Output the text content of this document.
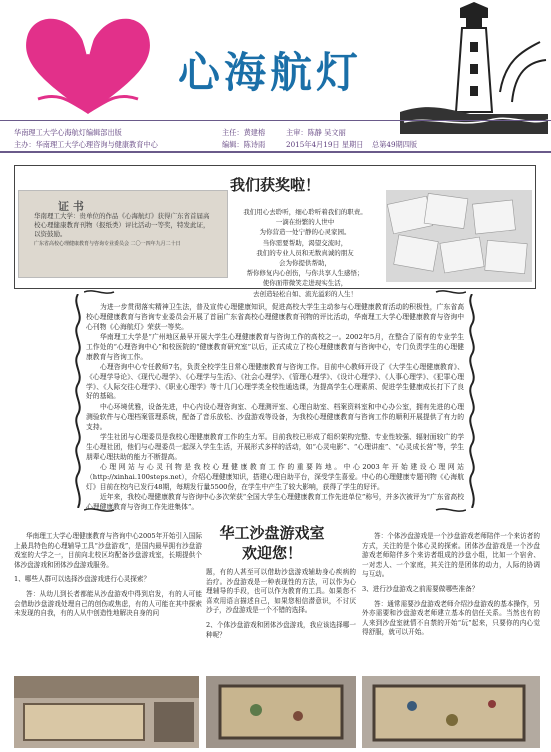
心海航灯
华南理工大学心海航灯编辑部出版
主办：华南理工大学心理咨询与健康教育中心
主任：黄建榕	主审：陈静 吴文丽
编辑：陈诗雨	2015年4月19日 星期日 总第49期四版
我们获奖啦！
证 书
华南理工大学：贵单位的作品《心海航灯》获得广东省首届高校心理健康教育刊物（报纸类）评比活动一等奖，特发此证，以资鼓励。
广东省高校心理健康教育与咨询专业委员会 二〇一四年九月二十日
我们用心去聆听，细心聆听着我们的职责。
一滴在纷繁的人世中
为你营造一处宁静的心灵家园。
当你需要帮助，渴望交流时，
我们的专业人员和无数真诚的朋友
会为你提供帮助，
帮你修复内心创伤，与你共享人生感悟；
使你面带微笑走进现实生活，
去创造轻松自如、流光溢彩的人生！
为进一步贯彻落实精神卫生法，普及宣传心理健康知识，促进高校大学生主动参与心理健康教育活动的积极性，广东省高校心理健康教育与咨询专业委员会开展了首届广东省高校心理健康教育刊物的评比活动，华南理工大学心理健康教育与咨询中心刊物《心海航灯》荣获一等奖。
华南理工大学是“广州地区最早开展大学生心理健康教育与咨询工作的高校之一。2002年5月，在整合了原有的专业学生工作处的“心理咨询中心”和校医院的“健康教育研究室”以后，正式成立了校心理健康教育与咨询中心，专门负责学生的心理健康教育与咨询工作。
心理咨询中心专任教师7名，负责全校学生日常心理健康教育与咨询工作。目前中心教师开设了《大学生心理健康教育》、《心理学导论》、《现代心理学》、《心理学与生活》、《社会心理学》、《管理心理学》、《设计心理学》、《人事心理学》、《犯罪心理学》、《人际交往心理学》、《职业心理学》等十几门心理学类全校性通选课，为提高学生心理素质、促进学生健康成长打下了良好的基础。
中心环境优雅，设备先进，中心内设心理咨询室、心理测评室、心理自助室、档案资料室和中心办公室，拥有先进的心理测验软件与心理档案管理系统，配备了音乐放松、沙盘游戏等设备，为我校心理健康教育与咨询工作的顺利开展提供了有力的支持。
学生社团与心理委员是我校心理健康教育工作的生力军。目前我校已形成了组织架构完整、专业性较强、辐射面较广的学生心理社团，他们与心理委员一起深入学生生活，开展形式多样的活动，如“心灵电影”、“心理讲座”、“心灵成长营”等，学生朋辈心理扶助的能力不断提高。
心理网站与心灵刊物是我校心理健康教育工作的重要阵地。中心2003年开始建设心理网站（http://xinhai.100steps.net），介绍心理健康知识，搭建心理自助平台，深受学生喜爱。中心的心理健康专题刊物《心海航灯》目前在校内已发行48期，每期发行量5500份，在学生中产生了较大影响，获得了学生的好评。
近年来，我校心理健康教育与咨询中心多次荣获“全国大学生心理健康教育工作先进单位”称号，并多次被评为“广东省高校心理健康教育与咨询工作先进集体”。
华工沙盘游戏室
欢迎您！

华南理工大学心理健康教育与咨询中心2005年开始引入国际上最具特色的心理辅导工具“沙盘游戏”，是国内最早拥有沙盘游戏室的大学之一，目前向北校区均配备沙盘游戏室，长期提供个体沙盘游戏和团体沙盘游戏服务。

1、哪些人群可以选择沙盘游戏进行心灵探索？

答：从幼儿到长者都能从沙盘游戏中得到启发，有的人可能会借助沙盘游戏处理自己的创伤或焦虑，有的人可能在其中探索未发现的自我，有的人从中创造性地解决自身的问

题，有的人甚至可以借助沙盘游戏辅助身心疾病的治疗。沙盘游戏是一种表现性的方法，可以作为心理辅导的手段，也可以作为教育的工具。如果您不喜欢用语言描述自己，如果您相信潜意识，不讨厌沙子，沙盘游戏是一个不错的选择。

2、个体沙盘游戏和团体沙盘游戏，我应该选择哪一种呢？

答：个体沙盘游戏是一个沙盘游戏老师陪伴一个来访者的方式，关注的是个体心灵的探索。团体沙盘游戏是一个沙盘游戏老师陪伴多个来访者组成的沙盘小组，比如一个宿舍、一对恋人、一个家庭，其关注的是团体的动力，人际的协调与互动。

3、进行沙盘游戏之前需要做哪些准备？

答：通常需要沙盘游戏老师介绍沙盘游戏的基本操作，另外亦需要和沙盘游戏老师建立基本的信任关系。当然也有的人来到沙盘室就情不自禁的开始“玩”起来，只要你的内心觉得舒服，就可以开始。
